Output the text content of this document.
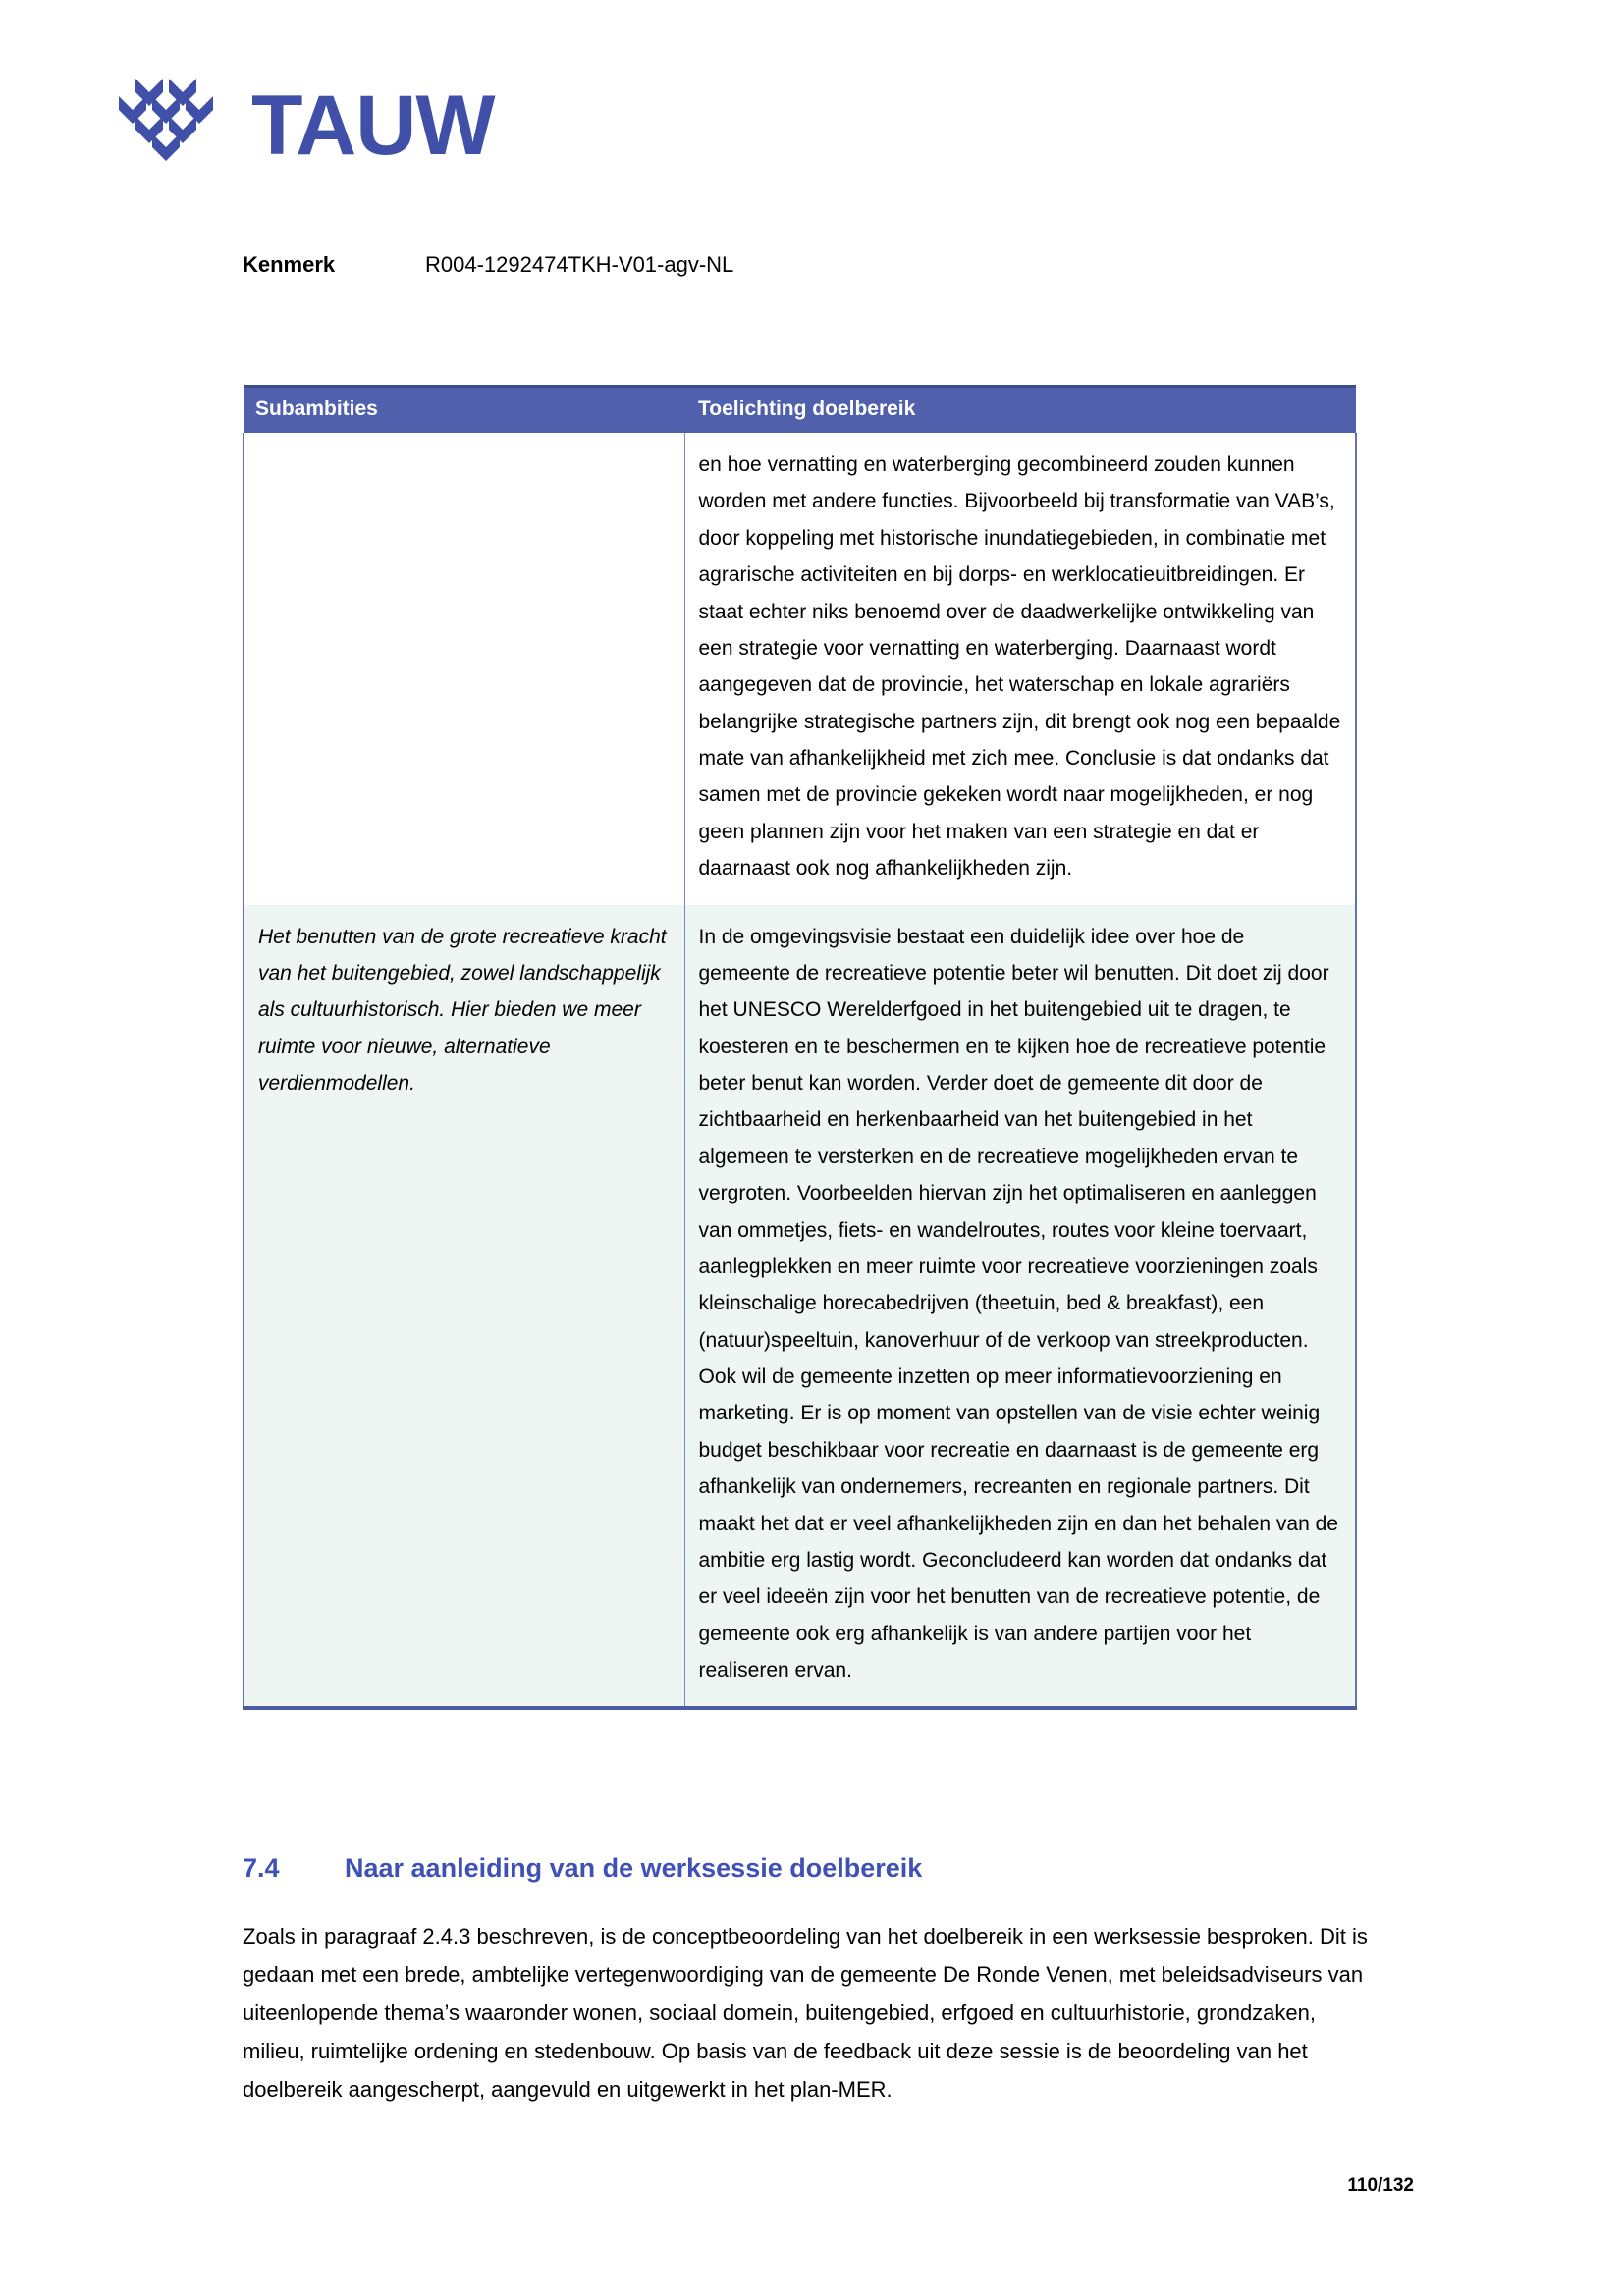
TAUW
Kenmerk	R004-1292474TKH-V01-agv-NL
Subambities	Toelichting doelbereik
	en hoe vernatting en waterberging gecombineerd zouden kunnen worden met andere functies. Bijvoorbeeld bij transformatie van VAB’s, door koppeling met historische inundatiegebieden, in combinatie met agrarische activiteiten en bij dorps- en werklocatieuitbreidingen. Er staat echter niks benoemd over de daadwerkelijke ontwikkeling van een strategie voor vernatting en waterberging. Daarnaast wordt aangegeven dat de provincie, het waterschap en lokale agrariërs belangrijke strategische partners zijn, dit brengt ook nog een bepaalde mate van afhankelijkheid met zich mee. Conclusie is dat ondanks dat samen met de provincie gekeken wordt naar mogelijkheden, er nog geen plannen zijn voor het maken van een strategie en dat er daarnaast ook nog afhankelijkheden zijn.
Het benutten van de grote recreatieve kracht van het buitengebied, zowel landschappelijk als cultuurhistorisch. Hier bieden we meer ruimte voor nieuwe, alternatieve verdienmodellen.	In de omgevingsvisie bestaat een duidelijk idee over hoe de gemeente de recreatieve potentie beter wil benutten. Dit doet zij door het UNESCO Werelderfgoed in het buitengebied uit te dragen, te koesteren en te beschermen en te kijken hoe de recreatieve potentie beter benut kan worden. Verder doet de gemeente dit door de zichtbaarheid en herkenbaarheid van het buitengebied in het algemeen te versterken en de recreatieve mogelijkheden ervan te vergroten. Voorbeelden hiervan zijn het optimaliseren en aanleggen van ommetjes, fiets- en wandelroutes, routes voor kleine toervaart, aanlegplekken en meer ruimte voor recreatieve voorzieningen zoals kleinschalige horecabedrijven (theetuin, bed & breakfast), een (natuur)speeltuin, kanoverhuur of de verkoop van streekproducten. Ook wil de gemeente inzetten op meer informatievoorziening en marketing. Er is op moment van opstellen van de visie echter weinig budget beschikbaar voor recreatie en daarnaast is de gemeente erg afhankelijk van ondernemers, recreanten en regionale partners. Dit maakt het dat er veel afhankelijkheden zijn en dan het behalen van de ambitie erg lastig wordt. Geconcludeerd kan worden dat ondanks dat er veel ideeën zijn voor het benutten van de recreatieve potentie, de gemeente ook erg afhankelijk is van andere partijen voor het realiseren ervan.
7.4	Naar aanleiding van de werksessie doelbereik

Zoals in paragraaf 2.4.3 beschreven, is de conceptbeoordeling van het doelbereik in een werksessie besproken. Dit is gedaan met een brede, ambtelijke vertegenwoordiging van de gemeente De Ronde Venen, met beleidsadviseurs van uiteenlopende thema’s waaronder wonen, sociaal domein, buitengebied, erfgoed en cultuurhistorie, grondzaken, milieu, ruimtelijke ordening en stedenbouw. Op basis van de feedback uit deze sessie is de beoordeling van het doelbereik aangescherpt, aangevuld en uitgewerkt in het plan-MER.

110/132
